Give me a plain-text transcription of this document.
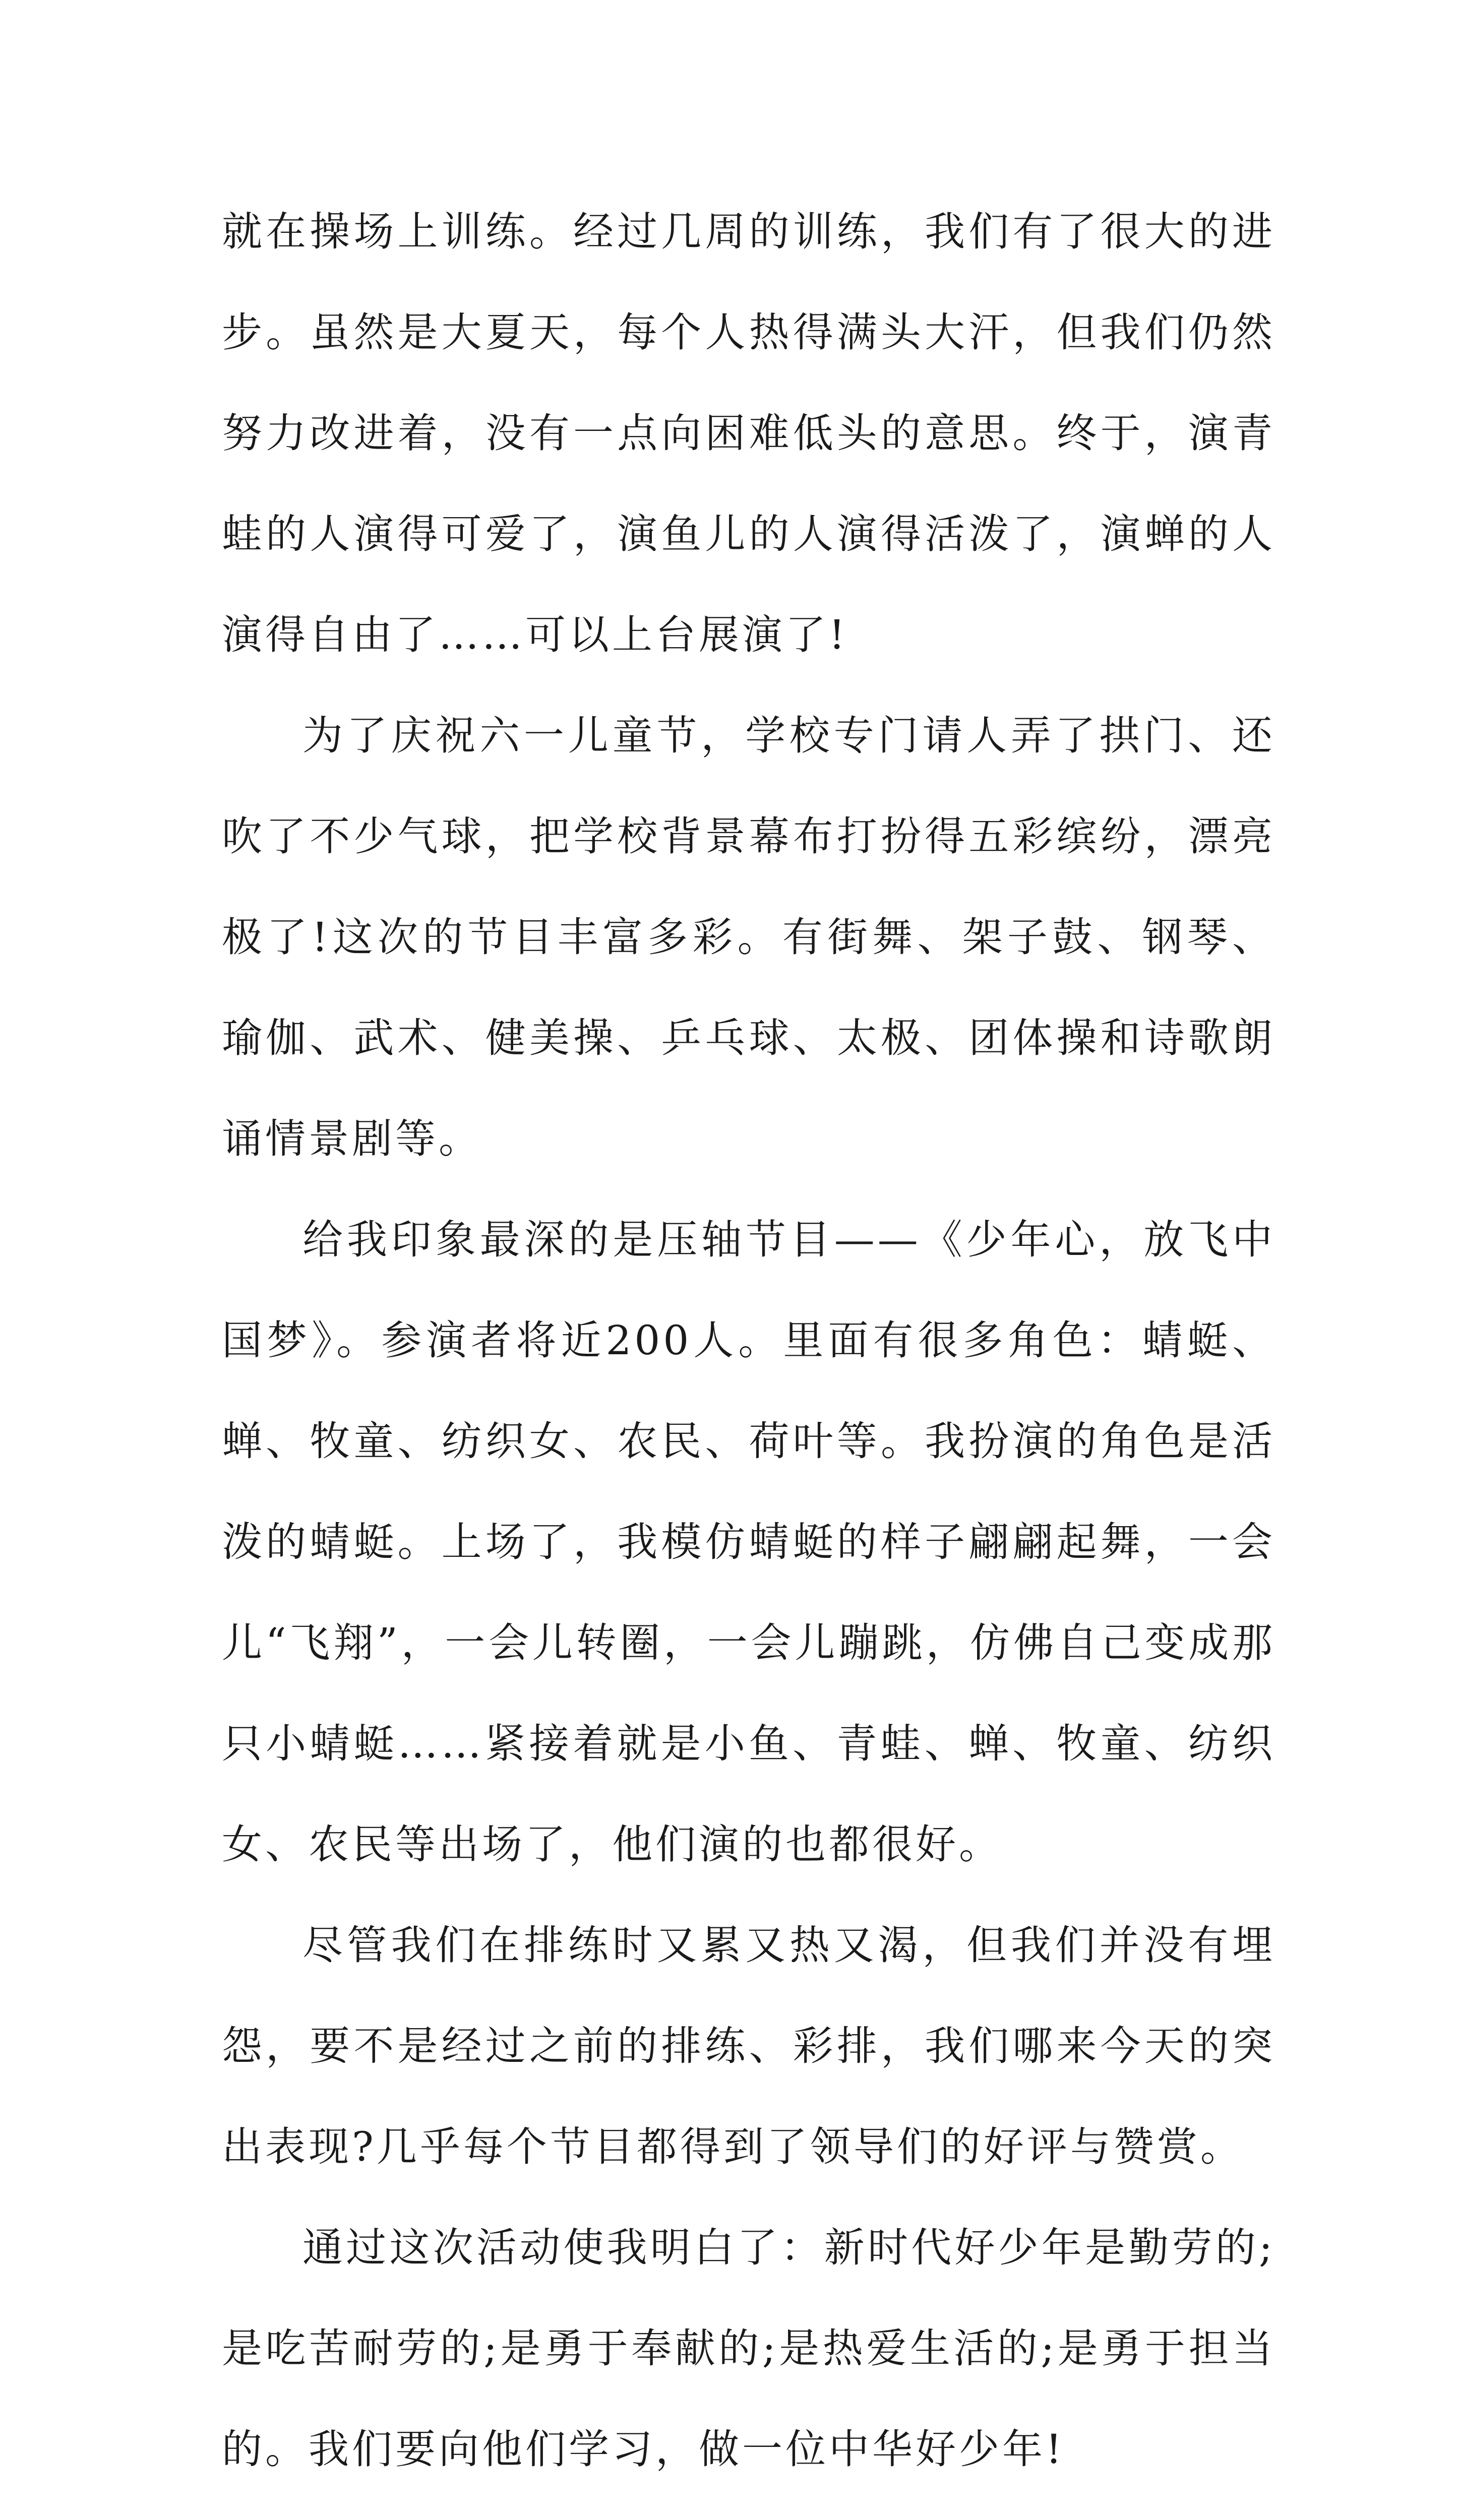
就在操场上训练。经过几周的训练，我们有了很大的进步。虽然是大夏天，每个人热得满头大汗，但我们仍然努力改进着，没有一点向困难低头的意思。终于，演青蛙的人演得可爱了，演鱼儿的人演得活泼了，演蝉的人演得自由了……可以上台展演了!

为了庆祝六一儿童节，学校专门请人弄了拱门、还吹了不少气球，把学校背景幕布打扮得五彩缤纷，漂亮极了!这次的节目丰富多彩。有街舞、架子鼓、钢琴、瑜伽、武术、健美操、乒乓球、太极、团体操和诗歌朗诵情景剧等。

给我印象最深的是压轴节目——《少年心，放飞中国梦》。参演者将近200人。里面有很多角色：蜻蜓、蝉、牧童、纺织女、农民、荷叶等。我扮演的角色是活泼的蜻蜓。上场了，我模仿蜻蜓的样子翩翩起舞，一会儿“飞翔”，一会儿转圈，一会儿蹦跳，仿佛自己变成那只小蜻蜓……紧接着就是小鱼、青蛙、蝉、牧童、纺织女、农民等出场了，他们演的也都很好。

尽管我们在排练时又累又热又渴，但我们并没有埋怨，要不是经过之前的排练、彩排，我们哪来今天的突出表现?几乎每个节目都得到了领导们的好评与赞赏。

通过这次活动使我明白了：新时代好少年是勤劳的;是吃苦耐劳的;是勇于奉献的;是热爱生活的;是勇于担当的。我们要向他们学习，做一位中华好少年!
